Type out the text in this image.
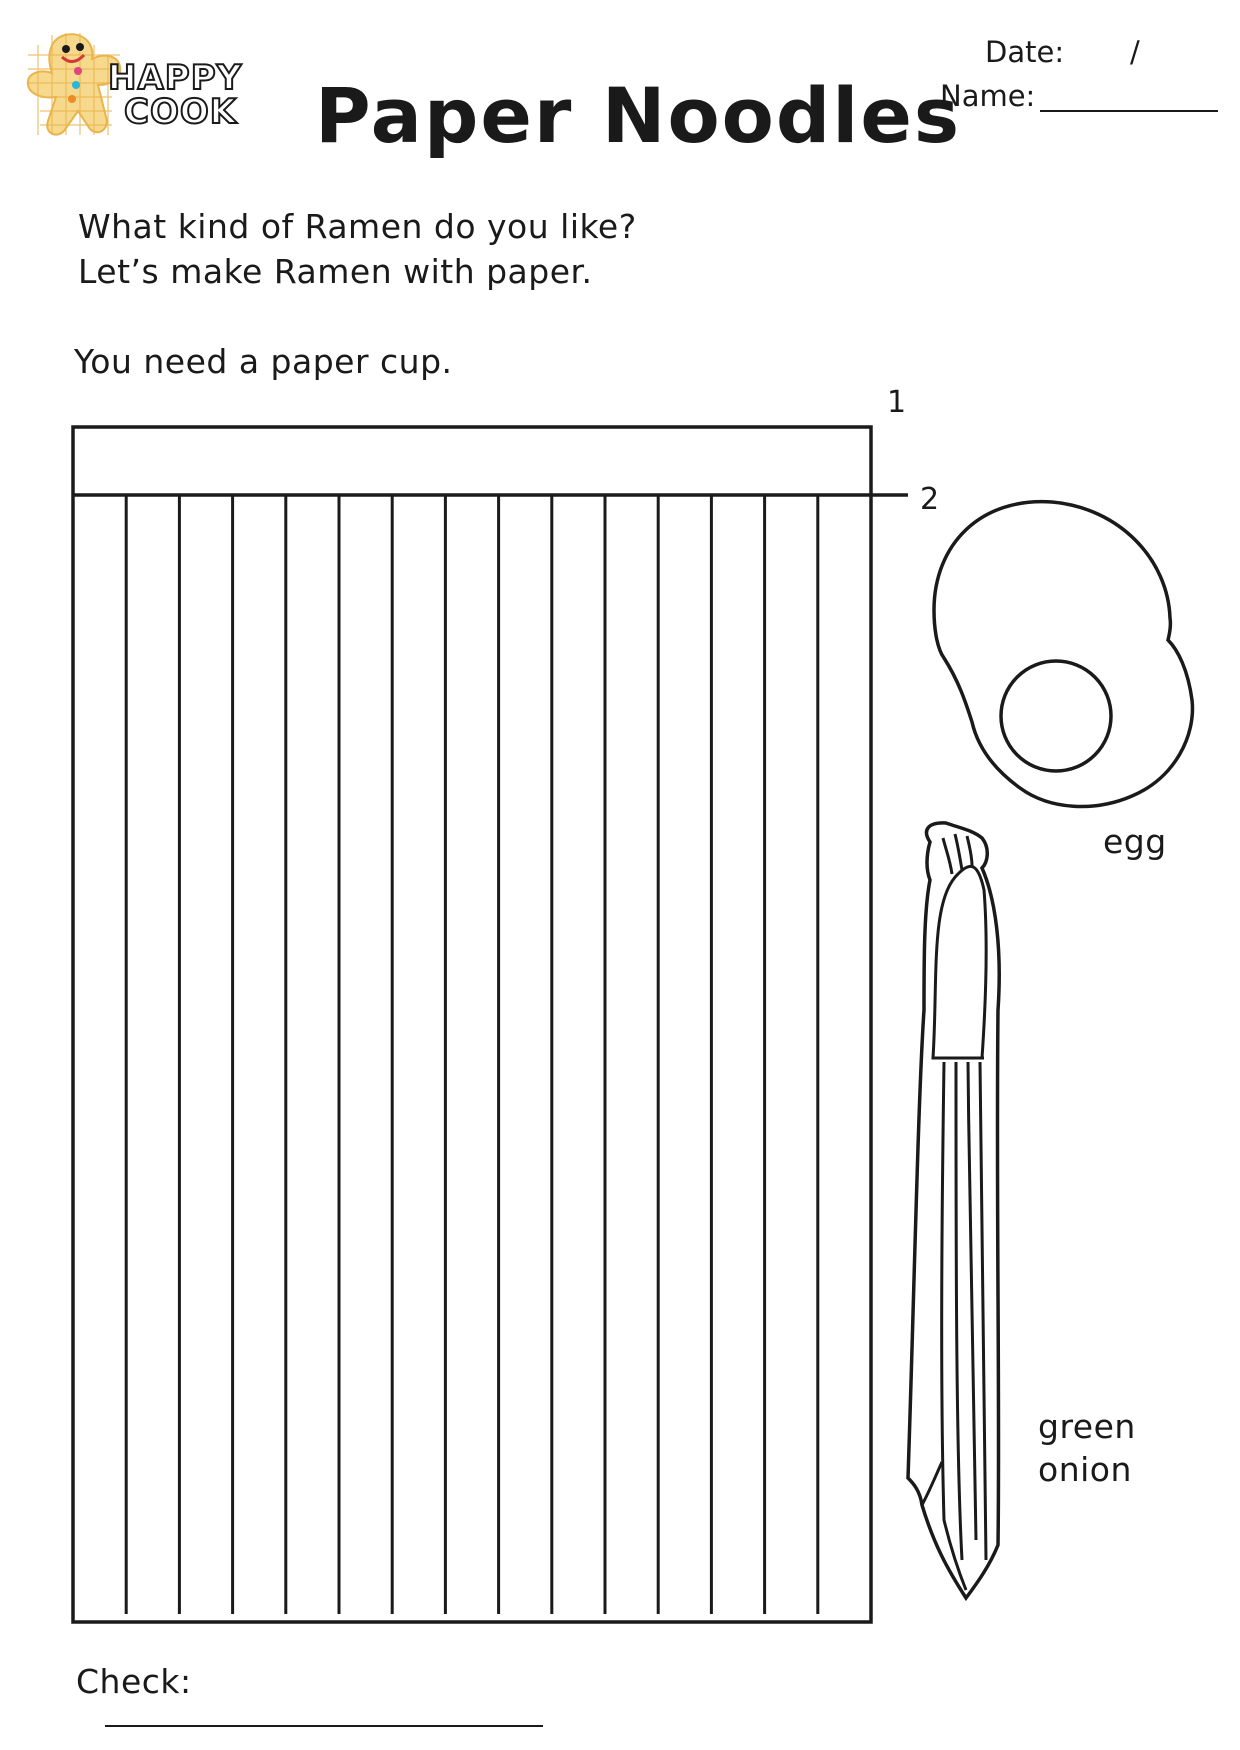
HAPPY
COOK Paper Noodles
Date: /
Name:
What kind of Ramen do you like?
Let’s make Ramen with paper.
You need a paper cup.
1
2
egg
green
onion
Check:
